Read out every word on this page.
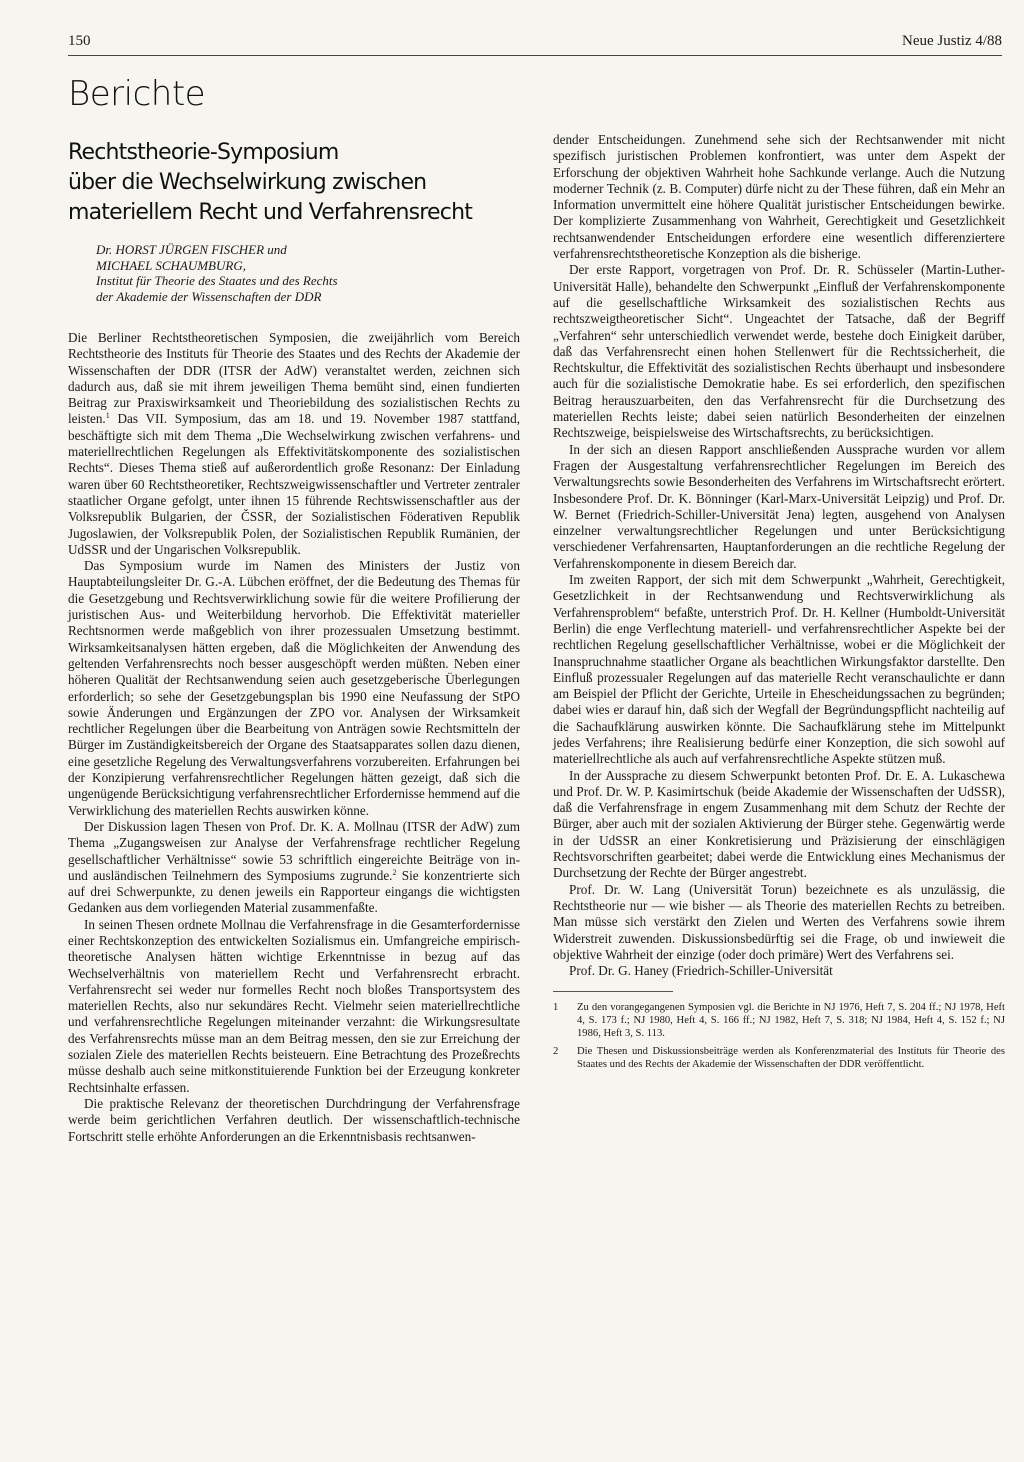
150	Neue Justiz 4/88
Berichte
Rechtstheorie-Symposium
über die Wechselwirkung zwischen
materiellem Recht und Verfahrensrecht
Dr. HORST JÜRGEN FISCHER und
MICHAEL SCHAUMBURG,
Institut für Theorie des Staates und des Rechts
der Akademie der Wissenschaften der DDR

Die Berliner Rechtstheoretischen Symposien, die zweijährlich vom Bereich Rechtstheorie des Instituts für Theorie des Staates und des Rechts der Akademie der Wissenschaften der DDR (ITSR der AdW) veranstaltet werden, zeichnen sich dadurch aus, daß sie mit ihrem jeweiligen Thema bemüht sind, einen fundierten Beitrag zur Praxiswirksamkeit und Theoriebildung des sozialistischen Rechts zu leisten.$^1$ Das VII. Symposium, das am 18. und 19. November 1987 stattfand, beschäftigte sich mit dem Thema „Die Wechselwirkung zwischen verfahrens- und materiellrechtlichen Regelungen als Effektivitätskomponente des sozialistischen Rechts“. Dieses Thema stieß auf außerordentlich große Resonanz: Der Einladung waren über 60 Rechtstheoretiker, Rechtszweigwissenschaftler und Vertreter zentraler staatlicher Organe gefolgt, unter ihnen 15 führende Rechtswissenschaftler aus der Volksrepublik Bulgarien, der ČSSR, der Sozialistischen Föderativen Republik Jugoslawien, der Volksrepublik Polen, der Sozialistischen Republik Rumänien, der UdSSR und der Ungarischen Volksrepublik.

Das Symposium wurde im Namen des Ministers der Justiz von Hauptabteilungsleiter Dr. G.-A. Lübchen eröffnet, der die Bedeutung des Themas für die Gesetzgebung und Rechtsverwirklichung sowie für die weitere Profilierung der juristischen Aus- und Weiterbildung hervorhob. Die Effektivität materieller Rechtsnormen werde maßgeblich von ihrer prozessualen Umsetzung bestimmt. Wirksamkeitsanalysen hätten ergeben, daß die Möglichkeiten der Anwendung des geltenden Verfahrensrechts noch besser ausgeschöpft werden müßten. Neben einer höheren Qualität der Rechtsanwendung seien auch gesetzgeberische Überlegungen erforderlich; so sehe der Gesetzgebungsplan bis 1990 eine Neufassung der StPO sowie Änderungen und Ergänzungen der ZPO vor. Analysen der Wirksamkeit rechtlicher Regelungen über die Bearbeitung von Anträgen sowie Rechtsmitteln der Bürger im Zuständigkeitsbereich der Organe des Staatsapparates sollen dazu dienen, eine gesetzliche Regelung des Verwaltungsverfahrens vorzubereiten. Erfahrungen bei der Konzipierung verfahrensrechtlicher Regelungen hätten gezeigt, daß sich die ungenügende Berücksichtigung verfahrensrechtlicher Erfordernisse hemmend auf die Verwirklichung des materiellen Rechts auswirken könne.

Der Diskussion lagen Thesen von Prof. Dr. K. A. Mollnau (ITSR der AdW) zum Thema „Zugangsweisen zur Analyse der Verfahrensfrage rechtlicher Regelung gesellschaftlicher Verhältnisse“ sowie 53 schriftlich eingereichte Beiträge von in- und ausländischen Teilnehmern des Symposiums zugrunde.$^2$ Sie konzentrierte sich auf drei Schwerpunkte, zu denen jeweils ein Rapporteur eingangs die wichtigsten Gedanken aus dem vorliegenden Material zusammenfaßte.

In seinen Thesen ordnete Mollnau die Verfahrensfrage in die Gesamterfordernisse einer Rechtskonzeption des entwickelten Sozialismus ein. Umfangreiche empirisch-theoretische Analysen hätten wichtige Erkenntnisse in bezug auf das Wechselverhältnis von materiellem Recht und Verfahrensrecht erbracht. Verfahrensrecht sei weder nur formelles Recht noch bloßes Transportsystem des materiellen Rechts, also nur sekundäres Recht. Vielmehr seien materiellrechtliche und verfahrensrechtliche Regelungen miteinander verzahnt: die Wirkungsresultate des Verfahrensrechts müsse man an dem Beitrag messen, den sie zur Erreichung der sozialen Ziele des materiellen Rechts beisteuern. Eine Betrachtung des Prozeßrechts müsse deshalb auch seine mitkonstituierende Funktion bei der Erzeugung konkreter Rechtsinhalte erfassen.

Die praktische Relevanz der theoretischen Durchdringung der Verfahrensfrage werde beim gerichtlichen Verfahren deutlich. Der wissenschaftlich-technische Fortschritt stelle erhöhte Anforderungen an die Erkenntnisbasis rechtsanwen-

dender Entscheidungen. Zunehmend sehe sich der Rechtsanwender mit nicht spezifisch juristischen Problemen konfrontiert, was unter dem Aspekt der Erforschung der objektiven Wahrheit hohe Sachkunde verlange. Auch die Nutzung moderner Technik (z. B. Computer) dürfe nicht zu der These führen, daß ein Mehr an Information unvermittelt eine höhere Qualität juristischer Entscheidungen bewirke. Der komplizierte Zusammenhang von Wahrheit, Gerechtigkeit und Gesetzlichkeit rechtsanwendender Entscheidungen erfordere eine wesentlich differenziertere verfahrensrechtstheoretische Konzeption als die bisherige.

Der erste Rapport, vorgetragen von Prof. Dr. R. Schüsseler (Martin-Luther-Universität Halle), behandelte den Schwerpunkt „Einfluß der Verfahrenskomponente auf die gesellschaftliche Wirksamkeit des sozialistischen Rechts aus rechtszweigtheoretischer Sicht“. Ungeachtet der Tatsache, daß der Begriff „Verfahren“ sehr unterschiedlich verwendet werde, bestehe doch Einigkeit darüber, daß das Verfahrensrecht einen hohen Stellenwert für die Rechtssicherheit, die Rechtskultur, die Effektivität des sozialistischen Rechts überhaupt und insbesondere auch für die sozialistische Demokratie habe. Es sei erforderlich, den spezifischen Beitrag herauszuarbeiten, den das Verfahrensrecht für die Durchsetzung des materiellen Rechts leiste; dabei seien natürlich Besonderheiten der einzelnen Rechtszweige, beispielsweise des Wirtschaftsrechts, zu berücksichtigen.

In der sich an diesen Rapport anschließenden Aussprache wurden vor allem Fragen der Ausgestaltung verfahrensrechtlicher Regelungen im Bereich des Verwaltungsrechts sowie Besonderheiten des Verfahrens im Wirtschaftsrecht erörtert. Insbesondere Prof. Dr. K. Bönninger (Karl-Marx-Universität Leipzig) und Prof. Dr. W. Bernet (Friedrich-Schiller-Universität Jena) legten, ausgehend von Analysen einzelner verwaltungsrechtlicher Regelungen und unter Berücksichtigung verschiedener Verfahrensarten, Hauptanforderungen an die rechtliche Regelung der Verfahrenskomponente in diesem Bereich dar.

Im zweiten Rapport, der sich mit dem Schwerpunkt „Wahrheit, Gerechtigkeit, Gesetzlichkeit in der Rechtsanwendung und Rechtsverwirklichung als Verfahrensproblem“ befaßte, unterstrich Prof. Dr. H. Kellner (Humboldt-Universität Berlin) die enge Verflechtung materiell- und verfahrensrechtlicher Aspekte bei der rechtlichen Regelung gesellschaftlicher Verhältnisse, wobei er die Möglichkeit der Inanspruchnahme staatlicher Organe als beachtlichen Wirkungsfaktor darstellte. Den Einfluß prozessualer Regelungen auf das materielle Recht veranschaulichte er dann am Beispiel der Pflicht der Gerichte, Urteile in Ehescheidungssachen zu begründen; dabei wies er darauf hin, daß sich der Wegfall der Begründungspflicht nachteilig auf die Sachaufklärung auswirken könnte. Die Sachaufklärung stehe im Mittelpunkt jedes Verfahrens; ihre Realisierung bedürfe einer Konzeption, die sich sowohl auf materiellrechtliche als auch auf verfahrensrechtliche Aspekte stützen muß.

In der Aussprache zu diesem Schwerpunkt betonten Prof. Dr. E. A. Lukaschewa und Prof. Dr. W. P. Kasimirtschuk (beide Akademie der Wissenschaften der UdSSR), daß die Verfahrensfrage in engem Zusammenhang mit dem Schutz der Rechte der Bürger, aber auch mit der sozialen Aktivierung der Bürger stehe. Gegenwärtig werde in der UdSSR an einer Konkretisierung und Präzisierung der einschlägigen Rechtsvorschriften gearbeitet; dabei werde die Entwicklung eines Mechanismus der Durchsetzung der Rechte der Bürger angestrebt.

Prof. Dr. W. Lang (Universität Torun) bezeichnete es als unzulässig, die Rechtstheorie nur — wie bisher — als Theorie des materiellen Rechts zu betreiben. Man müsse sich verstärkt den Zielen und Werten des Verfahrens sowie ihrem Widerstreit zuwenden. Diskussionsbedürftig sei die Frage, ob und inwieweit die objektive Wahrheit der einzige (oder doch primäre) Wert des Verfahrens sei.

Prof. Dr. G. Haney (Friedrich-Schiller-Universität

1 Zu den vorangegangenen Symposien vgl. die Berichte in NJ 1976, Heft 7, S. 204 ff.; NJ 1978, Heft 4, S. 173 f.; NJ 1980, Heft 4, S. 166 ff.; NJ 1982, Heft 7, S. 318; NJ 1984, Heft 4, S. 152 f.; NJ 1986, Heft 3, S. 113.
2 Die Thesen und Diskussionsbeiträge werden als Konferenzmaterial des Instituts für Theorie des Staates und des Rechts der Akademie der Wissenschaften der DDR veröffentlicht.
